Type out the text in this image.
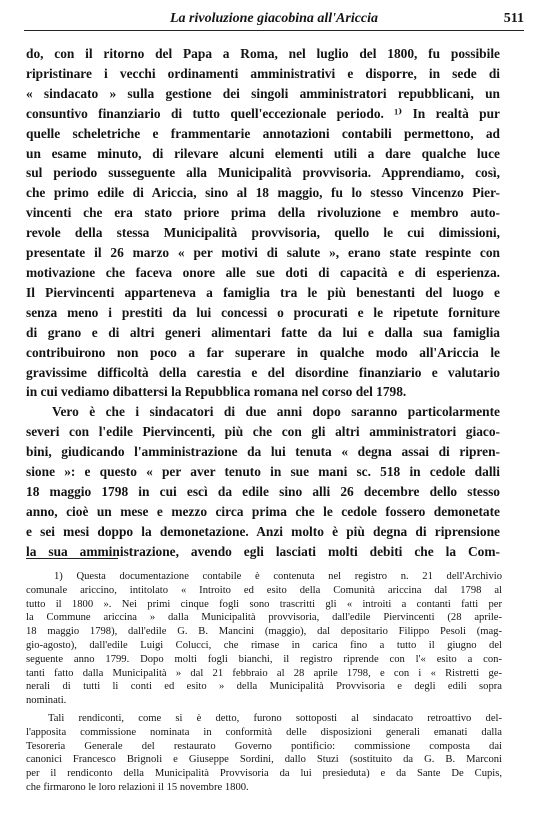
La rivoluzione giacobina all'Ariccia	511

do, con il ritorno del Papa a Roma, nel luglio del 1800, fu possibile
ripristinare i vecchi ordinamenti amministrativi e disporre, in sede di
« sindacato » sulla gestione dei singoli amministratori repubblicani, un
consuntivo finanziario di tutto quell'eccezionale periodo. ¹⁾ In realtà pur
quelle scheletriche e frammentarie annotazioni contabili permettono, ad
un esame minuto, di rilevare alcuni elementi utili a dare qualche luce
sul periodo susseguente alla Municipalità provvisoria. Apprendiamo, così,
che primo edile di Ariccia, sino al 18 maggio, fu lo stesso Vincenzo Pier-
vincenti che era stato priore prima della rivoluzione e membro auto-
revole della stessa Municipalità provvisoria, quello le cui dimissioni,
presentate il 26 marzo « per motivi di salute », erano state respinte con
motivazione che faceva onore alle sue doti di capacità e di esperienza.
Il Piervincenti apparteneva a famiglia tra le più benestanti del luogo e
senza meno i prestiti da lui concessi o procurati e le ripetute forniture
di grano e di altri generi alimentari fatte da lui e dalla sua famiglia
contribuirono non poco a far superare in qualche modo all'Ariccia le
gravissime difficoltà della carestia e del disordine finanziario e valutario
in cui vediamo dibattersi la Repubblica romana nel corso del 1798.

Vero è che i sindacatori di due anni dopo saranno particolarmente
severi con l'edile Piervincenti, più che con gli altri amministratori giaco-
bini, giudicando l'amministrazione da lui tenuta « degna assai di ripren-
sione »: e questo « per aver tenuto in sue mani sc. 518 in cedole dalli
18 maggio 1798 in cui escì da edile sino alli 26 decembre dello stesso
anno, cioè un mese e mezzo circa prima che le cedole fossero demonetate
e sei mesi doppo la demonetazione. Anzi molto è più degna di riprensione
la sua amministrazione, avendo egli lasciati molti debiti che la Com-

1) Questa documentazione contabile è contenuta nel registro n. 21 dell'Archivio
comunale ariccino, intitolato « Introito ed esito della Comunità ariccina dal 1798 al
tutto il 1800 ». Nei primi cinque fogli sono trascritti gli « introiti a contanti fatti per
la Commune ariccina » dalla Municipalità provvisoria, dall'edile Piervincenti (28 aprile-
18 maggio 1798), dall'edile G. B. Mancini (maggio), dal depositario Filippo Pesoli (mag-
gio-agosto), dall'edile Luigi Colucci, che rimase in carica fino a tutto il giugno del
seguente anno 1799. Dopo molti fogli bianchi, il registro riprende con l'« esito a con-
tanti fatto dalla Municipalità » dal 21 febbraio al 28 aprile 1798, e con i « Ristretti ge-
nerali di tutti li conti ed esito » della Municipalità Provvisoria e degli edili sopra
nominati.
Tali rendiconti, come si è detto, furono sottoposti al sindacato retroattivo del-
l'apposita commissione nominata in conformità delle disposizioni generali emanati dalla
Tesoreria Generale del restaurato Governo pontificio: commissione composta dai
canonici Francesco Brignoli e Giuseppe Sordini, dallo Stuzi (sostituito da G. B. Marconi
per il rendiconto della Municipalità Provvisoria da lui presieduta) e da Sante De Cupis,
che firmarono le loro relazioni il 15 novembre 1800.
